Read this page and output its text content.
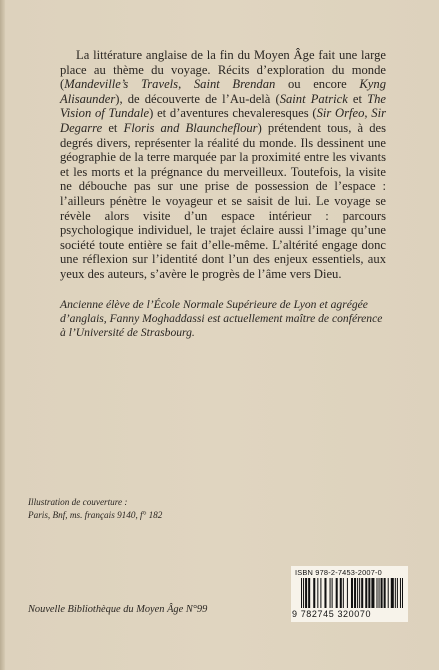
La littérature anglaise de la fin du Moyen Âge fait une large place au thème du voyage. Récits d’exploration du monde (Mandeville’s Travels, Saint Brendan ou encore Kyng Alisaunder), de découverte de l’Au-delà (Saint Patrick et The Vision of Tundale) et d’aventures chevaleresques (Sir Orfeo, Sir Degarre et Floris and Blauncheflour) prétendent tous, à des degrés divers, représenter la réalité du monde. Ils dessinent une géographie de la terre marquée par la proximité entre les vivants et les morts et la prégnance du merveilleux. Toutefois, la visite ne débouche pas sur une prise de possession de l’espace : l’ailleurs pénètre le voyageur et se saisit de lui. Le voyage se révèle alors visite d’un espace intérieur : parcours psychologique individuel, le trajet éclaire aussi l’image qu’une société toute entière se fait d’elle-même. L’altérité engage donc une réflexion sur l’identité dont l’un des enjeux essentiels, aux yeux des auteurs, s’avère le progrès de l’âme vers Dieu.

Ancienne élève de l’École Normale Supérieure de Lyon et agrégée d’anglais, Fanny Moghaddassi est actuellement maître de conférence à l’Université de Strasbourg.

Illustration de couverture :
Paris, Bnf, ms. français 9140, f° 182
Nouvelle Bibliothèque du Moyen Âge N°99
ISBN 978-2-7453-2007-0
9 782745 320070
